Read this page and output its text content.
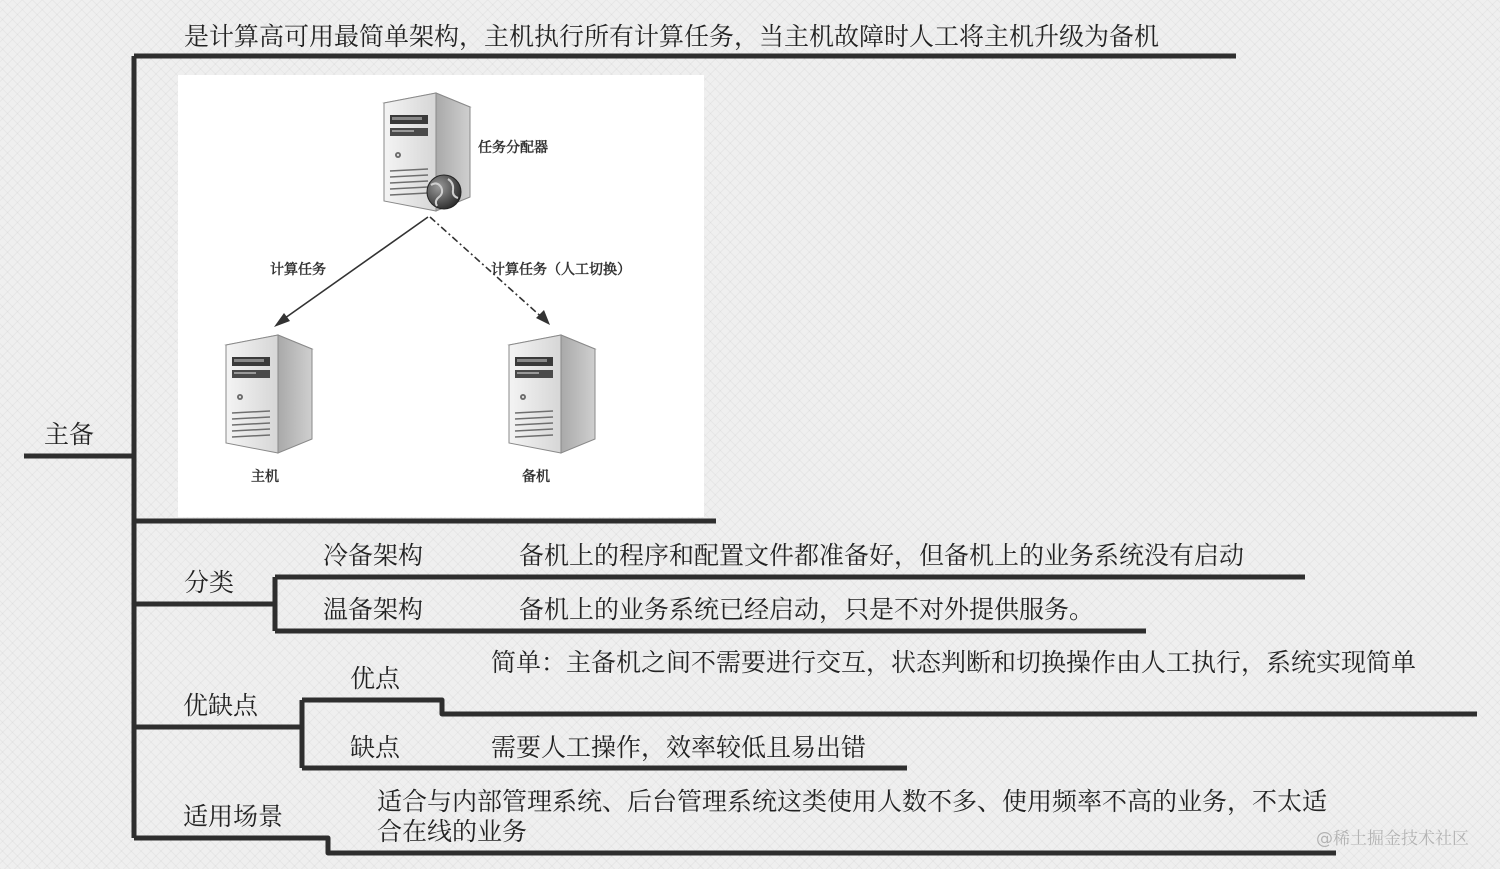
主备
是计算高可用最简单架构，主机执行所有计算任务，当主机故障时人工将主机升级为备机
分类
冷备架构	备机上的程序和配置文件都准备好，但备机上的业务系统没有启动
温备架构	备机上的业务系统已经启动，只是不对外提供服务。
优缺点
优点
简单：主备机之间不需要进行交互，状态判断和切换操作由人工执行，系统实现简单
缺点	需要人工操作，效率较低且易出错
适用场景
适合与内部管理系统、后台管理系统这类使用人数不多、使用频率不高的业务，不太适合在线的业务
任务分配器
计算任务	计算任务（人工切换）
主机	备机
@稀土掘金技术社区
